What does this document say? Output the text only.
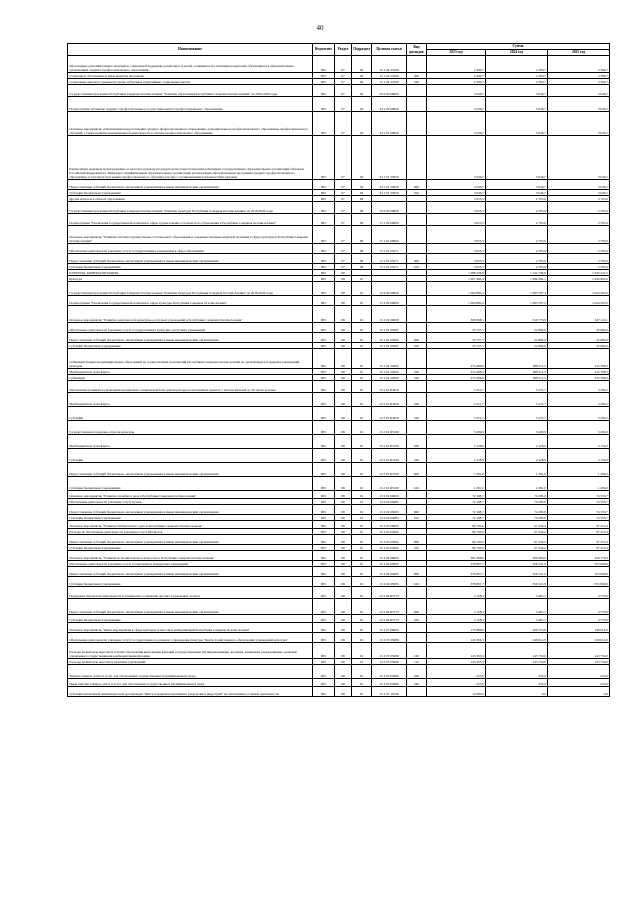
40
Наименование	Ведомство	Раздел	Подраздел	Целевая статья	Вид расходов	Сумма		
						2023 год	2024 год	2025 год
Обеспечение дополнительных гарантий по социальной поддержке детей-сирот и детей, оставшихся без попечения родителей, обучающихся в образовательных организациях среднего профессионального образования	805	07	04	15 1 02 21990		2 390,7	2 390,7	2 390,7
Социальное обеспечение и иные выплаты населению	805	07	04	15 1 02 21990	300	2 390,7	2 390,7	2 390,7
Социальные выплаты гражданам, кроме публичных нормативных социальных выплат	805	07	04	15 1 02 21990	320	2 390,7	2 390,7	2 390,7
Государственная программа Республики Северная Осетия-Алания "Развитие образования Республики Северная Осетия-Алания" на 2020-2026 годы	805	07	04	34 0 00 00000		3 046,7	3 046,7	3 046,7
Подпрограмма «Развитие среднего профессионального и дополнительного профессионального образования»	805	07	04	34 1 00 00000		3 046,7	3 046,7	3 046,7
Основное мероприятие «Организация предоставления среднего профессионального образования, дополнительного профессионального образования, профессионального обучения, а также развитие инновационной деятельности в системе профессионального образования»	805	07	04	34 1 01 00000		3 046,7	3 046,7	3 046,7
Ежемесячная денежная вознаграждение за классное руководство (кураторство) педагогическим работникам государственных образовательных организаций субъектов Российской Федерации и г. Байконура, муниципальных образовательных организаций, реализующих образовательные программы среднего профессионального образования, в том числе программы профессионального обучения для лиц с ограниченными возможностями здоровья	805	07	04	34 1 01 53630		3 046,7	3 046,7	3 046,7
Предоставление субсидий бюджетным, автономным учреждениям и иным некоммерческим организациям	805	07	04	34 1 01 53630	600	3 046,7	3 046,7	3 046,7
Субсидии бюджетным учреждениям	805	07	04	34 1 01 53630	610	3 046,7	3 046,7	3 046,7
Другие вопросы в области образования	805	07	09			3 653,3	2 765,9	2 765,9
Государственная программа Республики Северная Осетия-Алания "Развитие культуры Республики Северная Осетия-Алания" на 2016-2026 годы	805	07	09	15 0 00 00000		3 653,3	2 765,9	2 765,9
Подпрограмма "Реализация государственной политики в сфере художественно-эстетического образования в Республике Северная Осетия-Алания"	805	07	09	15 1 00 00000		3 653,3	2 765,9	2 765,9
Основное мероприятие "Развитие системы художественно-эстетического образования и совершенствование кадровой политики в сфере культуры в Республике Северная Осетия-Алания"	805	07	09	15 1 01 00000		3 653,3	2 765,9	2 765,9
Обеспечение деятельности (оказание услуг) государственных учреждений в сфере образования	805	07	09	15 1 01 05071		3 653,3	2 765,9	2 765,9
Предоставление субсидий бюджетным, автономным учреждениям и иным некоммерческим организациям	805	07	09	15 1 01 05071	600	3 653,3	2 765,9	2 765,9
Субсидии бюджетным учреждениям	805	07	09	15 1 01 05071	610	3 653,3	2 765,9	2 765,9
КУЛЬТУРА, КИНЕМАТОГРАФИЯ	805	08				1 088 476,8	1 122 738,6	1 043 241,5
Культура	805	08	01			1 067 483,4	1 086 282,1	1 026 865,0
Государственная программа Республики Северная Осетия-Алания "Развитие культуры Республики Северная Осетия-Алания" на 2016-2026 годы	805	08	01	15 0 00 00000		1 064 885,4	1 083 787,4	1 024 565,0
Подпрограмма "Реализация государственной политики в сфере культуры Республики Северная Осетия-Алания"	805	08	01	15 2 00 00000		1 064 885,4	1 083 787,4	1 024 565,0
Основное мероприятие "Развитие деятельности культурно-досуговых учреждений в Республике Северная Осетия-Алания"	805	08	01	15 2 01 00000		306 908,1	319 776,9	347 124,1
Обеспечение деятельности (оказание услуг) государственных культурно-досуговых учреждений	805	08	01	15 2 01 05082		23 757,5	22 666,0	22 684,0
Предоставление субсидий бюджетным, автономным учреждениям и иным некоммерческим организациям	805	08	01	15 2 01 05082	600	23 757,5	22 666,0	22 684,0
Субсидии бюджетным учреждениям	805	08	01	15 2 01 05082	610	23 757,5	22 666,0	22 684,0
Субвенции бюджетам муниципальных образований на осуществление полномочий Республики Северная Осетия-Алания по организации и поддержке учреждений культуры	805	08	01	15 2 01 22090		274 486,0	288 511,3	315 788,3
Межбюджетные трансферты	805	08	01	15 2 01 22090	500	274 486,0	288 511,3	315 788,3
Субвенции	805	08	01	15 2 01 22090	530	274 486,0	288 511,3	315 788,3
Обеспечение развития и укрепления материально-технической базы домов культуры в населенных пунктах с числом жителей до 50 тысяч человек	805	08	01	15 2 01 R4670		5 251,7	5 251,7	5 282,2
Межбюджетные трансферты	805	08	01	15 2 01 R4670	500	5 251,7	5 251,7	5 282,2
Субсидии	805	08	01	15 2 01 R4670	520	5 251,7	5 251,7	5 282,2
Государственная поддержка отрасли культуры	805	08	01	15 2 01 R5190		3 409,9	3 409,9	3 450,2
Межбюджетные трансферты	805	08	01	15 2 01 R5190	500	2 128,9	2 128,9	2 154,0
Субсидии	805	08	01	15 2 01 R5190	520	2 128,9	2 128,9	2 154,0
Предоставление субсидий бюджетным, автономным учреждениям и иным некоммерческим организациям	805	08	01	15 2 01 R5190	600	1 281,0	1 281,0	1 296,2
Субсидии бюджетным учреждениям	805	08	01	15 2 01 R5190	610	1 281,0	1 281,0	1 296,2
Основное мероприятие "Развитие музейного дела в Республике Северная Осетия-Алания"	805	08	01	15 2 02 00000		72 198,7	74 283,0	74 333,7
Обеспечение деятельности (оказание услуг) музеев	805	08	01	15 2 02 05083		72 198,7	74 283,0	74 333,7
Предоставление субсидий бюджетным, автономным учреждениям и иным некоммерческим организациям	805	08	01	15 2 02 05083	600	72 198,7	74 283,0	74 333,7
Субсидии бюджетным учреждениям	805	08	01	15 2 02 05083	610	72 198,7	74 283,0	74 333,7
Основное мероприятие "Развитие библиотечного дела в Республике Северная Осетия-Алания"	805	08	01	15 2 03 00000		96 750,6	97 254,4	97 255,4
Расходы на обеспечение деятельности (оказание услуг) библиотек	805	08	01	15 2 03 05084		96 750,6	97 254,4	97 255,4
Предоставление субсидий бюджетным, автономным учреждениям и иным некоммерческим организациям	805	08	01	15 2 03 05084	600	96 750,6	97 254,4	97 255,4
Субсидии бюджетным учреждениям	805	08	01	15 2 03 05084	610	96 750,6	97 254,4	97 255,4
Основное мероприятие "Развитие исполнительского искусства в Республике Северная Осетия-Алания"	805	08	01	15 2 04 00000		381 968,0	360 969,0	359 779,3
Обеспечение деятельности (оказание услуг) театральных и концертных учреждений	805	08	01	15 2 04 05085		378 807,7	356 521,9	355 999,6
Предоставление субсидий бюджетным, автономным учреждениям и иным некоммерческим организациям	805	08	01	15 2 04 05085	600	378 807,7	356 521,9	355 999,6
Субсидии бюджетным учреждениям	805	08	01	15 2 04 05085	610	378 807,7	356 521,9	355 999,6
Поддержка творческой деятельности и техническое оснащение детских и кукольных театров	805	08	01	15 2 04 R5170		3 158,2	3 487,1	3 779,6
Предоставление субсидий бюджетным, автономным учреждениям и иным некоммерческим организациям	805	08	01	15 2 04 R5170	600	3 158,2	3 487,1	3 779,6
Субсидии бюджетным учреждениям	805	08	01	15 2 04 R5170	610	3 158,2	3 487,1	3 779,6
Основное мероприятие "Иные мероприятия в сфере культуры и массовых коммуникаций Республики Северная Осетия-Алания"	805	08	01	15 2 07 00000		175 886,9	209 753,8	146 614,0
Обеспечение деятельности (оказание услуг) государственного казенного учреждения культуры "Центр хозяйственного обеспечения учреждений культуры"	805	08	01	15 2 07 05086		145 306,3	146 614,0	146 614,0
Расходы на выплаты персоналу в целях обеспечения выполнения функций государственными (муниципальными) органами, казенными учреждениями, органами управления государственными внебюджетными фондами	805	08	01	15 2 07 05086	100	145 393,3	145 759,0	145 759,0
Расходы на выплаты персоналу казенных учреждений	805	08	01	15 2 07 05086	110	145 393,3	145 759,0	145 759,0
Закупка товаров, работ и услуг для обеспечения государственных (муниципальных) нужд	805	08	01	15 2 07 05086	200	255,0	255,0	255,0
Иные закупки товаров, работ и услуг для обеспечения государственных (муниципальных) нужд	805	08	01	15 2 07 05086	240	255,0	255,0	255,0
Субсидия автономной некоммерческой организации "Центр поддержки креативных (творческих) индустрий" на обеспечение уставной деятельности	805	08	01	15 2 07 10746		12 000,0	0,0	0,0
